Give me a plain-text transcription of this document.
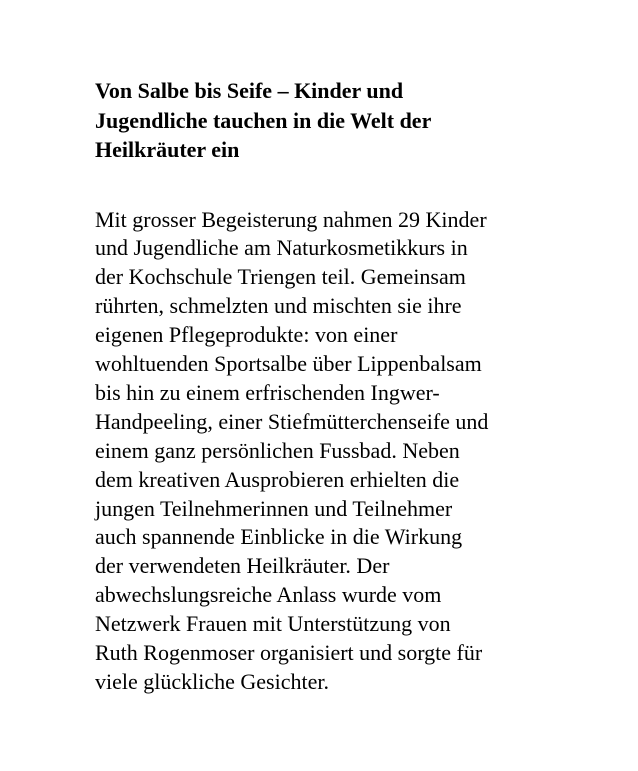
Von Salbe bis Seife – Kinder und
Jugendliche tauchen in die Welt der
Heilkräuter ein

Mit grosser Begeisterung nahmen 29 Kinder
und Jugendliche am Naturkosmetikkurs in
der Kochschule Triengen teil. Gemeinsam
rührten, schmelzten und mischten sie ihre
eigenen Pflegeprodukte: von einer
wohltuenden Sportsalbe über Lippenbalsam
bis hin zu einem erfrischenden Ingwer-
Handpeeling, einer Stiefmütterchenseife und
einem ganz persönlichen Fussbad. Neben
dem kreativen Ausprobieren erhielten die
jungen Teilnehmerinnen und Teilnehmer
auch spannende Einblicke in die Wirkung
der verwendeten Heilkräuter. Der
abwechslungsreiche Anlass wurde vom
Netzwerk Frauen mit Unterstützung von
Ruth Rogenmoser organisiert und sorgte für
viele glückliche Gesichter.
